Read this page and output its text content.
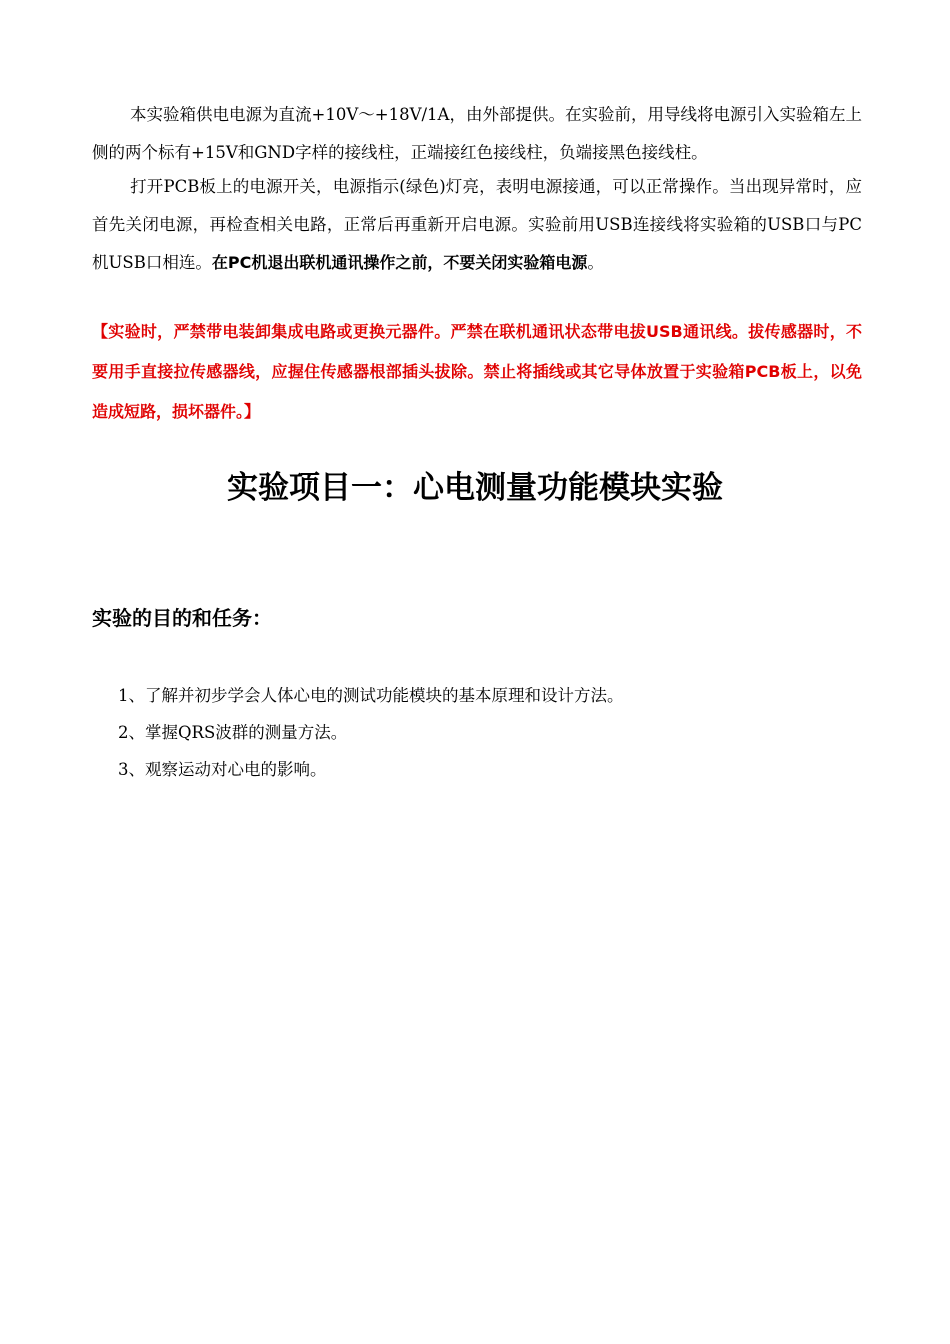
本实验箱供电电源为直流+10V～+18V/1A，由外部提供。在实验前，用导线将电源引入实验箱左上侧的两个标有+15V和GND字样的接线柱，正端接红色接线柱，负端接黑色接线柱。

打开PCB板上的电源开关，电源指示(绿色)灯亮，表明电源接通，可以正常操作。当出现异常时，应首先关闭电源，再检查相关电路，正常后再重新开启电源。实验前用USB连接线将实验箱的USB口与PC机USB口相连。在PC机退出联机通讯操作之前，不要关闭实验箱电源。

【实验时，严禁带电装卸集成电路或更换元器件。严禁在联机通讯状态带电拔USB通讯线。拔传感器时，不要用手直接拉传感器线，应握住传感器根部插头拔除。禁止将插线或其它导体放置于实验箱PCB板上，以免造成短路，损坏器件。】

实验项目一：心电测量功能模块实验
实验的目的和任务：
1、了解并初步学会人体心电的测试功能模块的基本原理和设计方法。
2、掌握QRS波群的测量方法。
3、观察运动对心电的影响。
